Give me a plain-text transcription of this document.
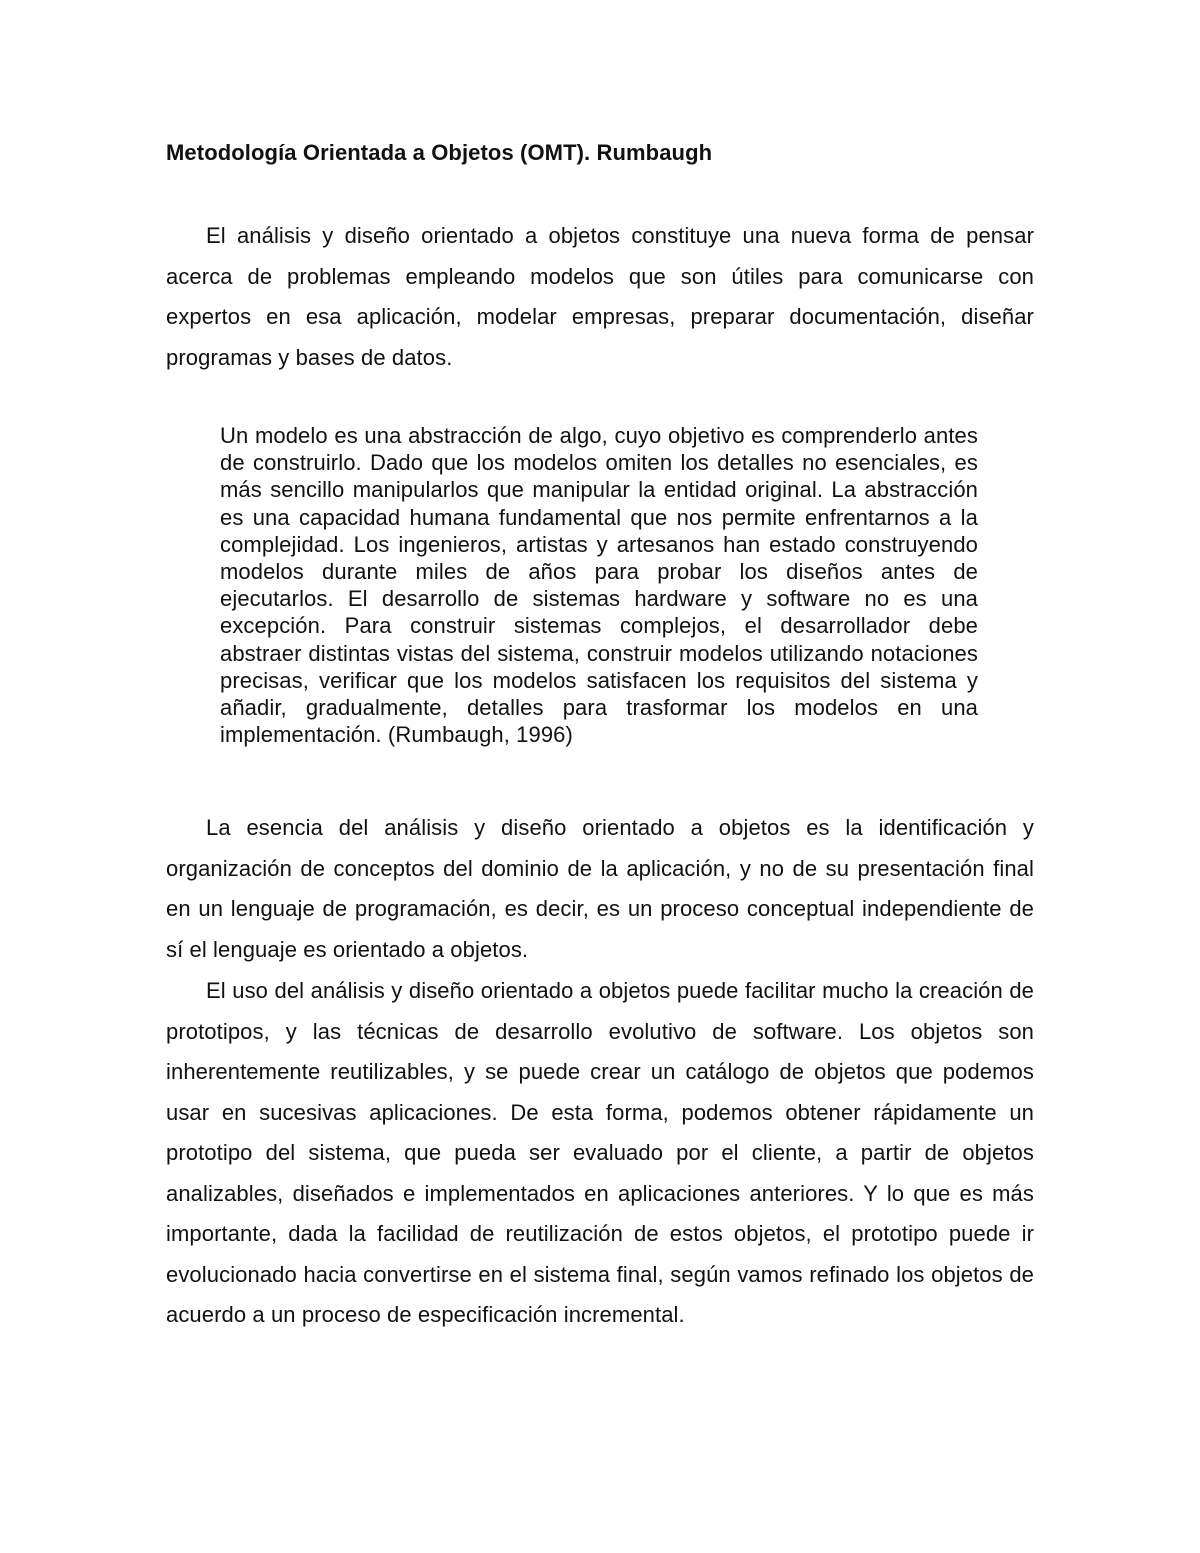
Metodología Orientada a Objetos (OMT). Rumbaugh

El análisis y diseño orientado a objetos constituye una nueva forma de pensar acerca de problemas empleando modelos que son útiles para comunicarse con expertos en esa aplicación, modelar empresas, preparar documentación, diseñar programas y bases de datos.

Un modelo es una abstracción de algo, cuyo objetivo es comprenderlo antes de construirlo. Dado que los modelos omiten los detalles no esenciales, es más sencillo manipularlos que manipular la entidad original. La abstracción es una capacidad humana fundamental que nos permite enfrentarnos a la complejidad. Los ingenieros, artistas y artesanos han estado construyendo modelos durante miles de años para probar los diseños antes de ejecutarlos. El desarrollo de sistemas hardware y software no es una excepción. Para construir sistemas complejos, el desarrollador debe abstraer distintas vistas del sistema, construir modelos utilizando notaciones precisas, verificar que los modelos satisfacen los requisitos del sistema y añadir, gradualmente, detalles para trasformar los modelos en una implementación. (Rumbaugh, 1996)

La esencia del análisis y diseño orientado a objetos es la identificación y organización de conceptos del dominio de la aplicación, y no de su presentación final en un lenguaje de programación, es decir, es un proceso conceptual independiente de sí el lenguaje es orientado a objetos.

El uso del análisis y diseño orientado a objetos puede facilitar mucho la creación de prototipos, y las técnicas de desarrollo evolutivo de software. Los objetos son inherentemente reutilizables, y se puede crear un catálogo de objetos que podemos usar en sucesivas aplicaciones. De esta forma, podemos obtener rápidamente un prototipo del sistema, que pueda ser evaluado por el cliente, a partir de objetos analizables, diseñados e implementados en aplicaciones anteriores. Y lo que es más importante, dada la facilidad de reutilización de estos objetos, el prototipo puede ir evolucionado hacia convertirse en el sistema final, según vamos refinado los objetos de acuerdo a un proceso de especificación incremental.
